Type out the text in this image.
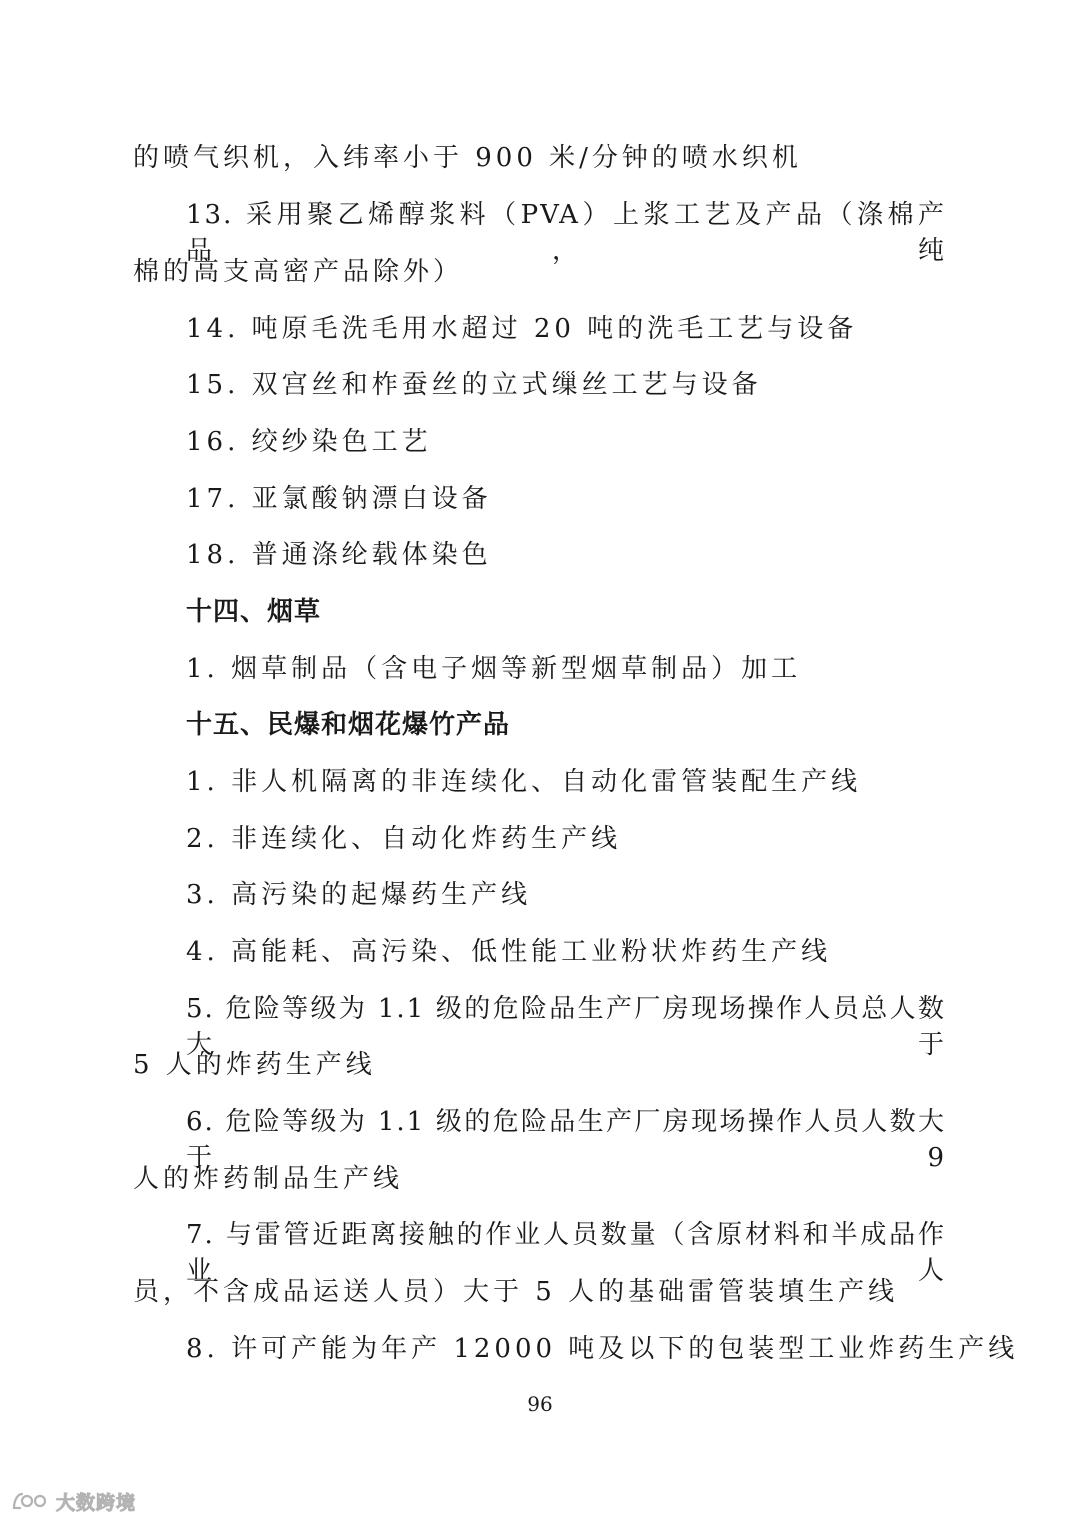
的喷气织机，入纬率小于 900 米/分钟的喷水织机
13. 采用聚乙烯醇浆料（PVA）上浆工艺及产品（涤棉产品，纯
棉的高支高密产品除外）
14. 吨原毛洗毛用水超过 20 吨的洗毛工艺与设备
15. 双宫丝和柞蚕丝的立式缫丝工艺与设备
16. 绞纱染色工艺
17. 亚氯酸钠漂白设备
18. 普通涤纶载体染色
十四、烟草
1. 烟草制品（含电子烟等新型烟草制品）加工
十五、民爆和烟花爆竹产品
1. 非人机隔离的非连续化、自动化雷管装配生产线
2. 非连续化、自动化炸药生产线
3. 高污染的起爆药生产线
4. 高能耗、高污染、低性能工业粉状炸药生产线
5. 危险等级为 1.1 级的危险品生产厂房现场操作人员总人数大于
5 人的炸药生产线
6. 危险等级为 1.1 级的危险品生产厂房现场操作人员人数大于 9
人的炸药制品生产线
7. 与雷管近距离接触的作业人员数量（含原材料和半成品作业人
员，不含成品运送人员）大于 5 人的基础雷管装填生产线
8. 许可产能为年产 12000 吨及以下的包装型工业炸药生产线
96
大数跨境
